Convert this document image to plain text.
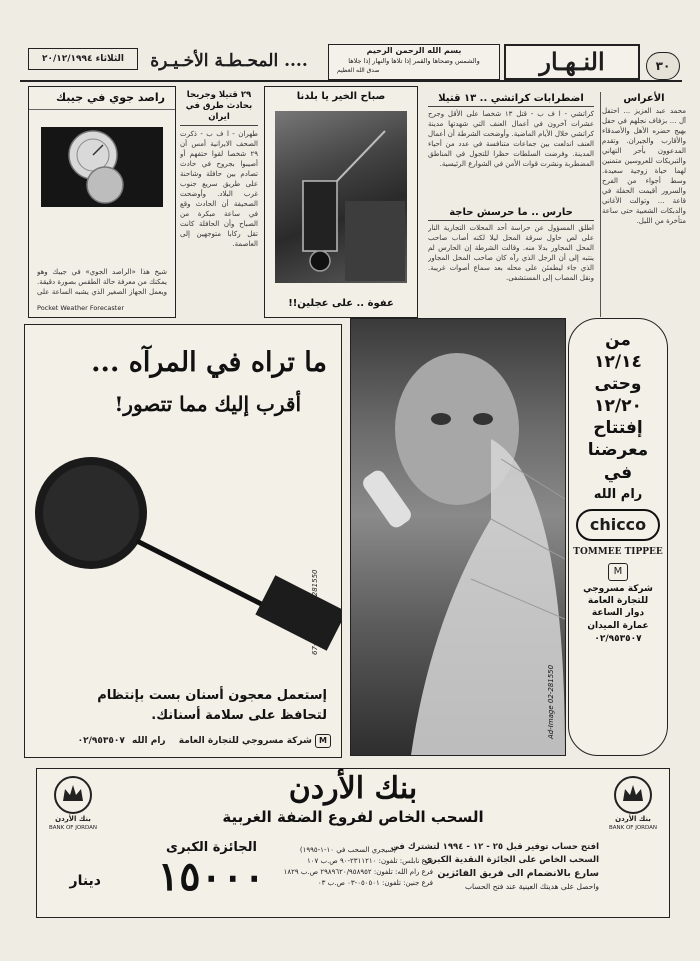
٣٠
النـهـار
بسم الله الرحمن الرحيم
والشمس وضحاها والقمر إذا تلاها والنهار إذا جلاها
صدق الله العظيم
.... المحـطـة الأخـيـرة
الثلاثاء ٢٠/١٢/١٩٩٤
الأعراس
محمد عبد العزيز ... احتفل آل ... بزفاف نجلهم في حفل بهيج حضره الأهل والأصدقاء والأقارب والجيران. وتقدم المدعوون بأحر التهاني والتبريكات للعروسين متمنين لهما حياة زوجية سعيدة. وسط أجواء من الفرح والسرور أقيمت الحفلة في قاعة ... وتوالت الأغاني والدبكات الشعبية حتى ساعة متأخرة من الليل.
اضطرابات كراتشي .. ١٣ قتيلا
كراتشي - ا ف ب - قتل ١٣ شخصا على الأقل وجرح عشرات آخرون في أعمال العنف التي شهدتها مدينة كراتشي خلال الأيام الماضية. وأوضحت الشرطة أن أعمال العنف اندلعت بين جماعات متنافسة في عدد من أحياء المدينة. وفرضت السلطات حظرا للتجول في المناطق المضطربة ونشرت قوات الأمن في الشوارع الرئيسية.
حارس .. ما حرسش حاجة
اطلق المسؤول عن حراسة أحد المحلات التجارية النار على لص حاول سرقة المحل ليلا لكنه أصاب صاحب المحل المجاور بدلا منه. وقالت الشرطة إن الحارس لم ينتبه إلى أن الرجل الذي رآه كان صاحب المحل المجاور الذي جاء ليطمئن على محله بعد سماع أصوات غريبة. ونقل المصاب إلى المستشفى.
صباح الخير يا بلدنا
عفوة .. على عجلين!!
٢٩ قتيلا وجريحا بحادث طرق في ايران
طهران - ا ف ب - ذكرت الصحف الايرانية أمس أن ٢٩ شخصا لقوا حتفهم أو أصيبوا بجروح في حادث تصادم بين حافلة وشاحنة على طريق سريع جنوب غرب البلاد. وأوضحت الصحيفة أن الحادث وقع في ساعة مبكرة من الصباح وأن الحافلة كانت تقل ركابا متوجهين إلى العاصمة.
راصد جوي في جيبك
شيخ هذا «الراصد الجوي» في جيبك وهو يمكنك من معرفة حالة الطقس بصورة دقيقة. ويعمل الجهاز الصغير الذي يشبه الساعة على
Pocket Weather Forecaster
ما تراه في المرآه ...
أقرب إليك مما تتصور!
67-Ad-Image 02-281550
إستعمل معجون أسنان بست بإنتظام
لتحافظ على سلامة أسنانك.
M شركة مسروجي للتجارة العامة رام الله ٠٢/٩٥٣٥٠٧
Ad-Image 02-281550
من
١٢/١٤
وحتى
١٢/٢٠
إفتتاح
معرضنا
في
رام الله
chicco
TOMMEE TIPPEE
M
شركة مسروجي للتجارة العامة
دوار الساعة
عمارة الميدان
٠٢/٩٥٣٥٠٧
بنك الأردن
BANK OF JORDAN
بنك الأردن
BANK OF JORDAN
بنك الأردن
السحب الخاص لفروع الضفة الغربية
افتح حساب توفير قبل ٢٥ - ١٢ - ١٩٩٤ لتشترك في
السحب الخاص على الجائزة النقدية الكبرى
سارع بالانضمام الى فريق الفائزين
واحصل على هديتك العينية عند فتح الحساب
(سيجري السحب في ١٠-١-١٩٩٥)
فرع نابلس: تلفون: ٢٣١١٢١٠-٩٠ ص.ب ١٠٧
فرع رام الله: تلفون: ٢٩٨٩٦٢٠/٩٥٨٩٥٢ ص.ب ١٨٢٩
فرع جنين: تلفون: ٠٥٠٥٠١-٠٣ ص.ب ٠٣
الجائزة الكبرى
١٥٠٠٠
دينار
